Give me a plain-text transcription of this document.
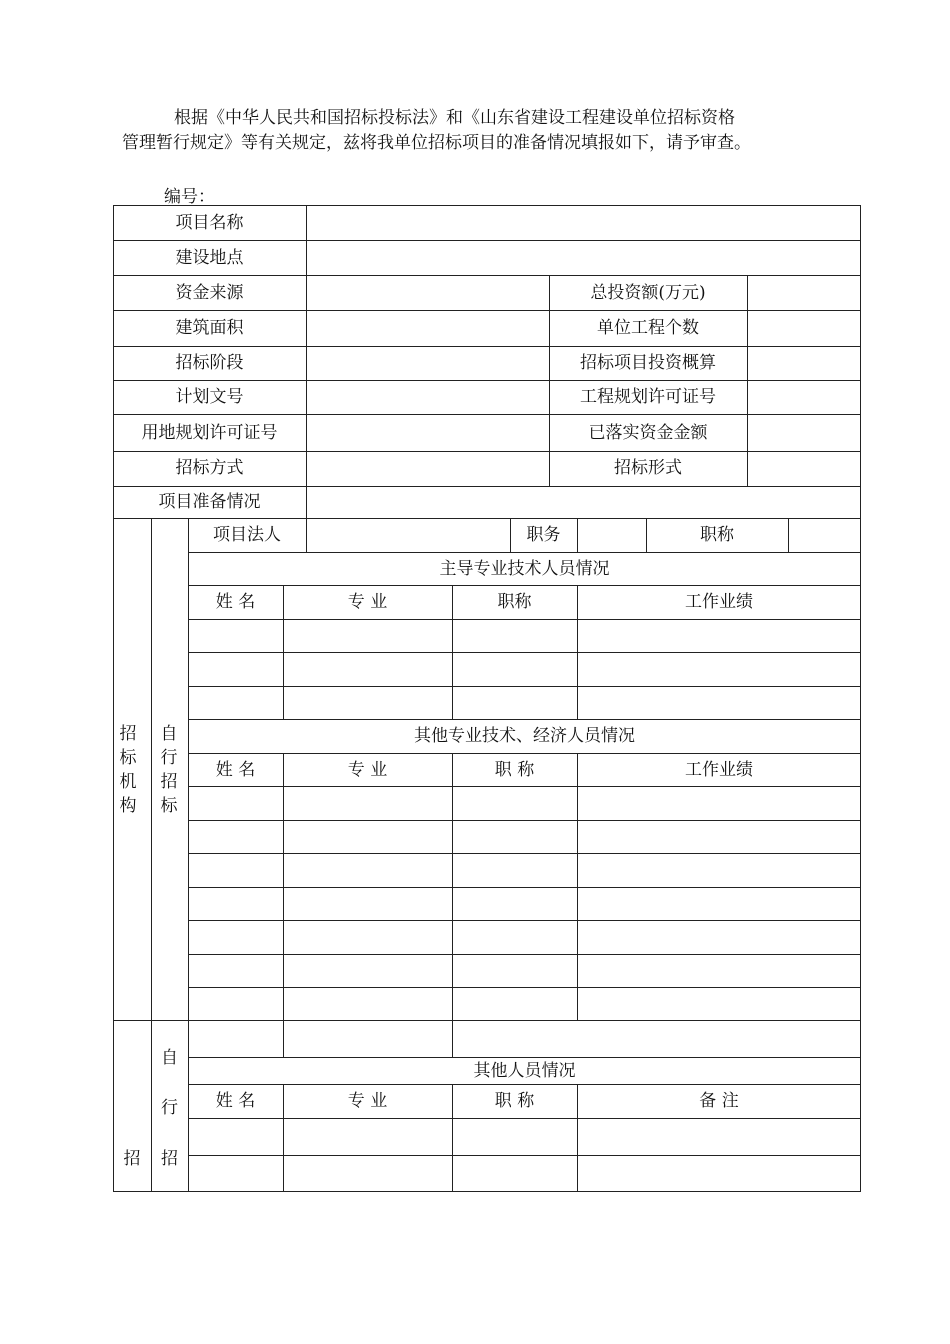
根据《中华人民共和国招标投标法》和《山东省建设工程建设单位招标资格
管理暂行规定》等有关规定，兹将我单位招标项目的准备情况填报如下，请予审查。
编号：
项目名称
建设地点
资金来源	总投资额(万元)
建筑面积	单位工程个数
招标阶段	招标项目投资概算
计划文号	工程规划许可证号
用地规划许可证号	已落实资金金额
招标方式	招标形式
项目准备情况
招标机构
自行招标
项目法人	职务	职称
主导专业技术人员情况
姓 名	专 业	职称	工作业绩
其他专业技术、经济人员情况
姓 名	专 业	职 称	工作业绩
自
行
招
招
其他人员情况
姓 名	专 业	职 称	备 注
